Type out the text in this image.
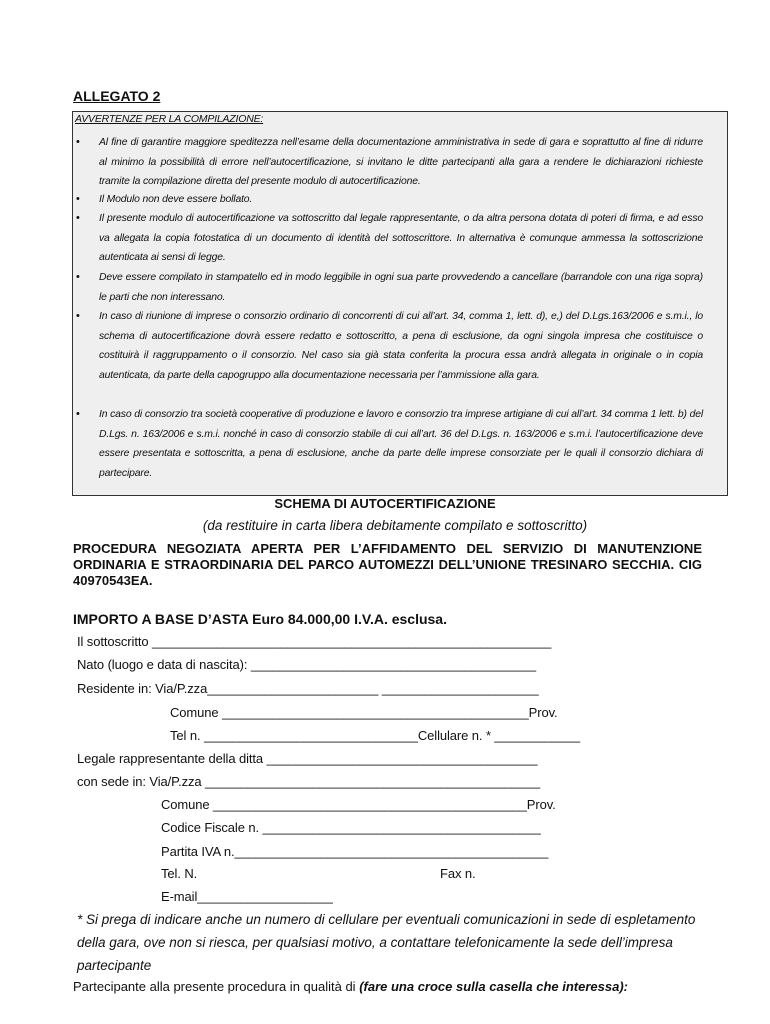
ALLEGATO 2
AVVERTENZE PER LA COMPILAZIONE:
• Al fine di garantire maggiore speditezza nell’esame della documentazione amministrativa in sede di gara e soprattutto al fine di ridurre al minimo la possibilità di errore nell’autocertificazione, si invitano le ditte partecipanti alla gara a rendere le dichiarazioni richieste tramite la compilazione diretta del presente modulo di autocertificazione.
• Il Modulo non deve essere bollato.
• Il presente modulo di autocertificazione va sottoscritto dal legale rappresentante, o da altra persona dotata di poteri di firma, e ad esso va allegata la copia fotostatica di un documento di identità del sottoscrittore. In alternativa è comunque ammessa la sottoscrizione autenticata ai sensi di legge.
• Deve essere compilato in stampatello ed in modo leggibile in ogni sua parte provvedendo a cancellare (barrandole con una riga sopra) le parti che non interessano.
• In caso di riunione di imprese o consorzio ordinario di concorrenti di cui all’art. 34, comma 1, lett. d), e,) del D.Lgs.163/2006 e s.m.i., lo schema di autocertificazione dovrà essere redatto e sottoscritto, a pena di esclusione, da ogni singola impresa che costituisce o costituirà il raggruppamento o il consorzio. Nel caso sia già stata conferita la procura essa andrà allegata in originale o in copia autenticata, da parte della capogruppo alla documentazione necessaria per l’ammissione alla gara.
• In caso di consorzio tra società cooperative di produzione e lavoro e consorzio tra imprese artigiane di cui all’art. 34 comma 1 lett. b) del D.Lgs. n. 163/2006 e s.m.i. nonché in caso di consorzio stabile di cui all’art. 36 del D.Lgs. n. 163/2006 e s.m.i. l’autocertificazione deve essere presentata e sottoscritta, a pena di esclusione, anche da parte delle imprese consorziate per le quali il consorzio dichiara di partecipare.
SCHEMA DI AUTOCERTIFICAZIONE
(da restituire in carta libera debitamente compilato e sottoscritto)
PROCEDURA NEGOZIATA APERTA PER L’AFFIDAMENTO DEL SERVIZIO DI MANUTENZIONE ORDINARIA E STRAORDINARIA DEL PARCO AUTOMEZZI DELL’UNIONE TRESINARO SECCHIA. CIG 40970543EA.
IMPORTO A BASE D’ASTA Euro 84.000,00 I.V.A. esclusa.
Il sottoscritto ________________________________________________________
Nato (luogo e data di nascita): ________________________________________
Residente in: Via/P.zza________________________ ______________________
Comune ___________________________________________Prov.
Tel n. ______________________________Cellulare n. * ____________
Legale rappresentante della ditta ______________________________________
con sede in: Via/P.zza _______________________________________________
Comune ____________________________________________Prov.
Codice Fiscale n. _______________________________________
Partita IVA n.____________________________________________
Tel. N.	Fax n.
E-mail___________________
* Si prega di indicare anche un numero di cellulare per eventuali comunicazioni in sede di espletamento della gara, ove non si riesca, per qualsiasi motivo, a contattare telefonicamente la sede dell’impresa partecipante
Partecipante alla presente procedura in qualità di (fare una croce sulla casella che interessa):
